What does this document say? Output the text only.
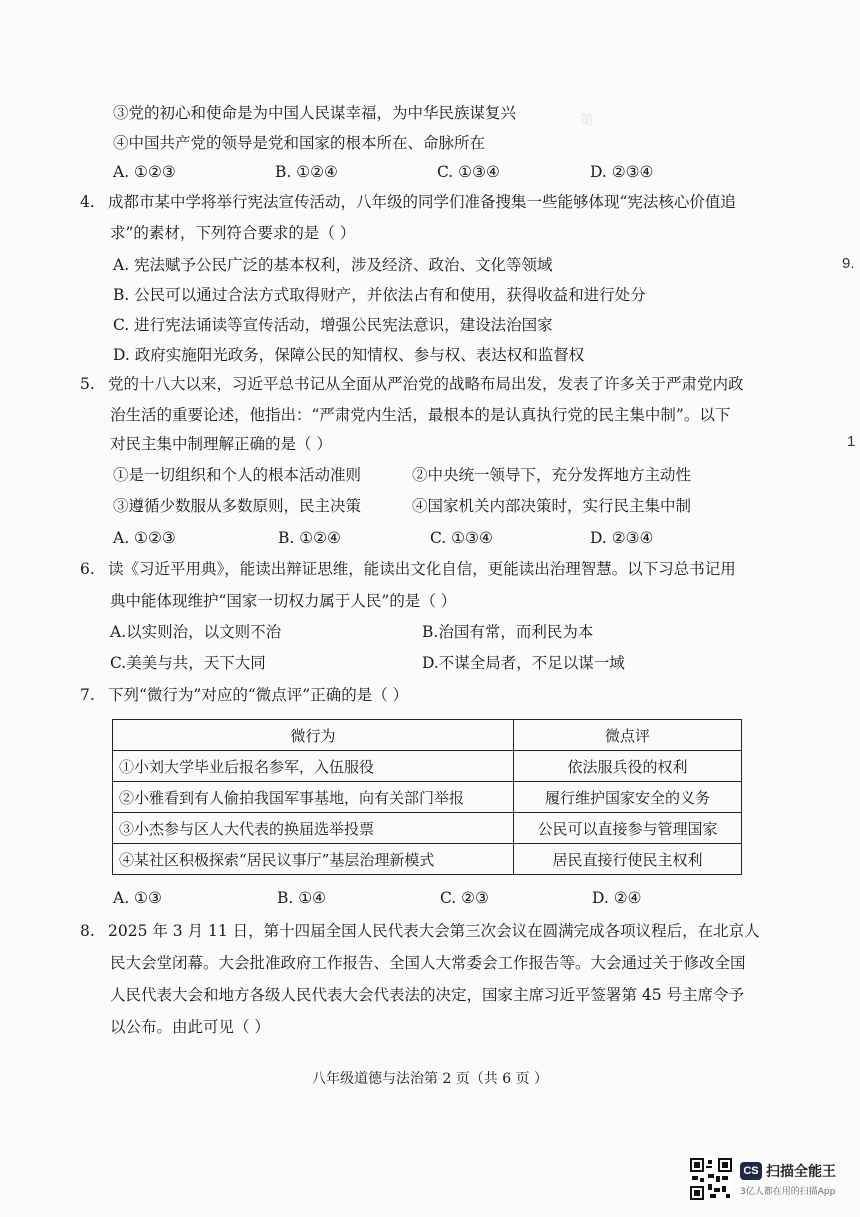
第
③党的初心和使命是为中国人民谋幸福，为中华民族谋复兴
④中国共产党的领导是党和国家的根本所在、命脉所在
A. ①②③	B. ①②④	C. ①③④	D. ②③④
4. 成都市某中学将举行宪法宣传活动，八年级的同学们准备搜集一些能够体现“宪法核心价值追
求”的素材，下列符合要求的是（ ）
A. 宪法赋予公民广泛的基本权利，涉及经济、政治、文化等领域
B. 公民可以通过合法方式取得财产，并依法占有和使用，获得收益和进行处分
C. 进行宪法诵读等宣传活动，增强公民宪法意识，建设法治国家
D. 政府实施阳光政务，保障公民的知情权、参与权、表达权和监督权
5. 党的十八大以来，习近平总书记从全面从严治党的战略布局出发，发表了许多关于严肃党内政
治生活的重要论述，他指出：“严肃党内生活，最根本的是认真执行党的民主集中制”。以下
对民主集中制理解正确的是（ ）
①是一切组织和个人的根本活动准则	②中央统一领导下，充分发挥地方主动性
③遵循少数服从多数原则，民主决策	④国家机关内部决策时，实行民主集中制
A. ①②③	B. ①②④	C. ①③④	D. ②③④
6. 读《习近平用典》，能读出辩证思维，能读出文化自信，更能读出治理智慧。以下习总书记用
典中能体现维护“国家一切权力属于人民”的是（ ）
A.以实则治，以文则不治	B.治国有常，而利民为本
C.美美与共，天下大同	D.不谋全局者，不足以谋一域
7. 下列“微行为”对应的“微点评”正确的是（ ）
微行为	微点评
①小刘大学毕业后报名参军，入伍服役	依法服兵役的权利
②小雅看到有人偷拍我国军事基地，向有关部门举报	履行维护国家安全的义务
③小杰参与区人大代表的换届选举投票	公民可以直接参与管理国家
④某社区积极探索“居民议事厅”基层治理新模式	居民直接行使民主权利
A. ①③	B. ①④	C. ②③	D. ②④
8. 2025 年 3 月 11 日，第十四届全国人民代表大会第三次会议在圆满完成各项议程后，在北京人
民大会堂闭幕。大会批准政府工作报告、全国人大常委会工作报告等。大会通过关于修改全国
人民代表大会和地方各级人民代表大会代表法的决定，国家主席习近平签署第 45 号主席令予
以公布。由此可见（ ）
八年级道德与法治第 2 页（共 6 页 ）
9.
1
CS 扫描全能王
3亿人都在用的扫描App
